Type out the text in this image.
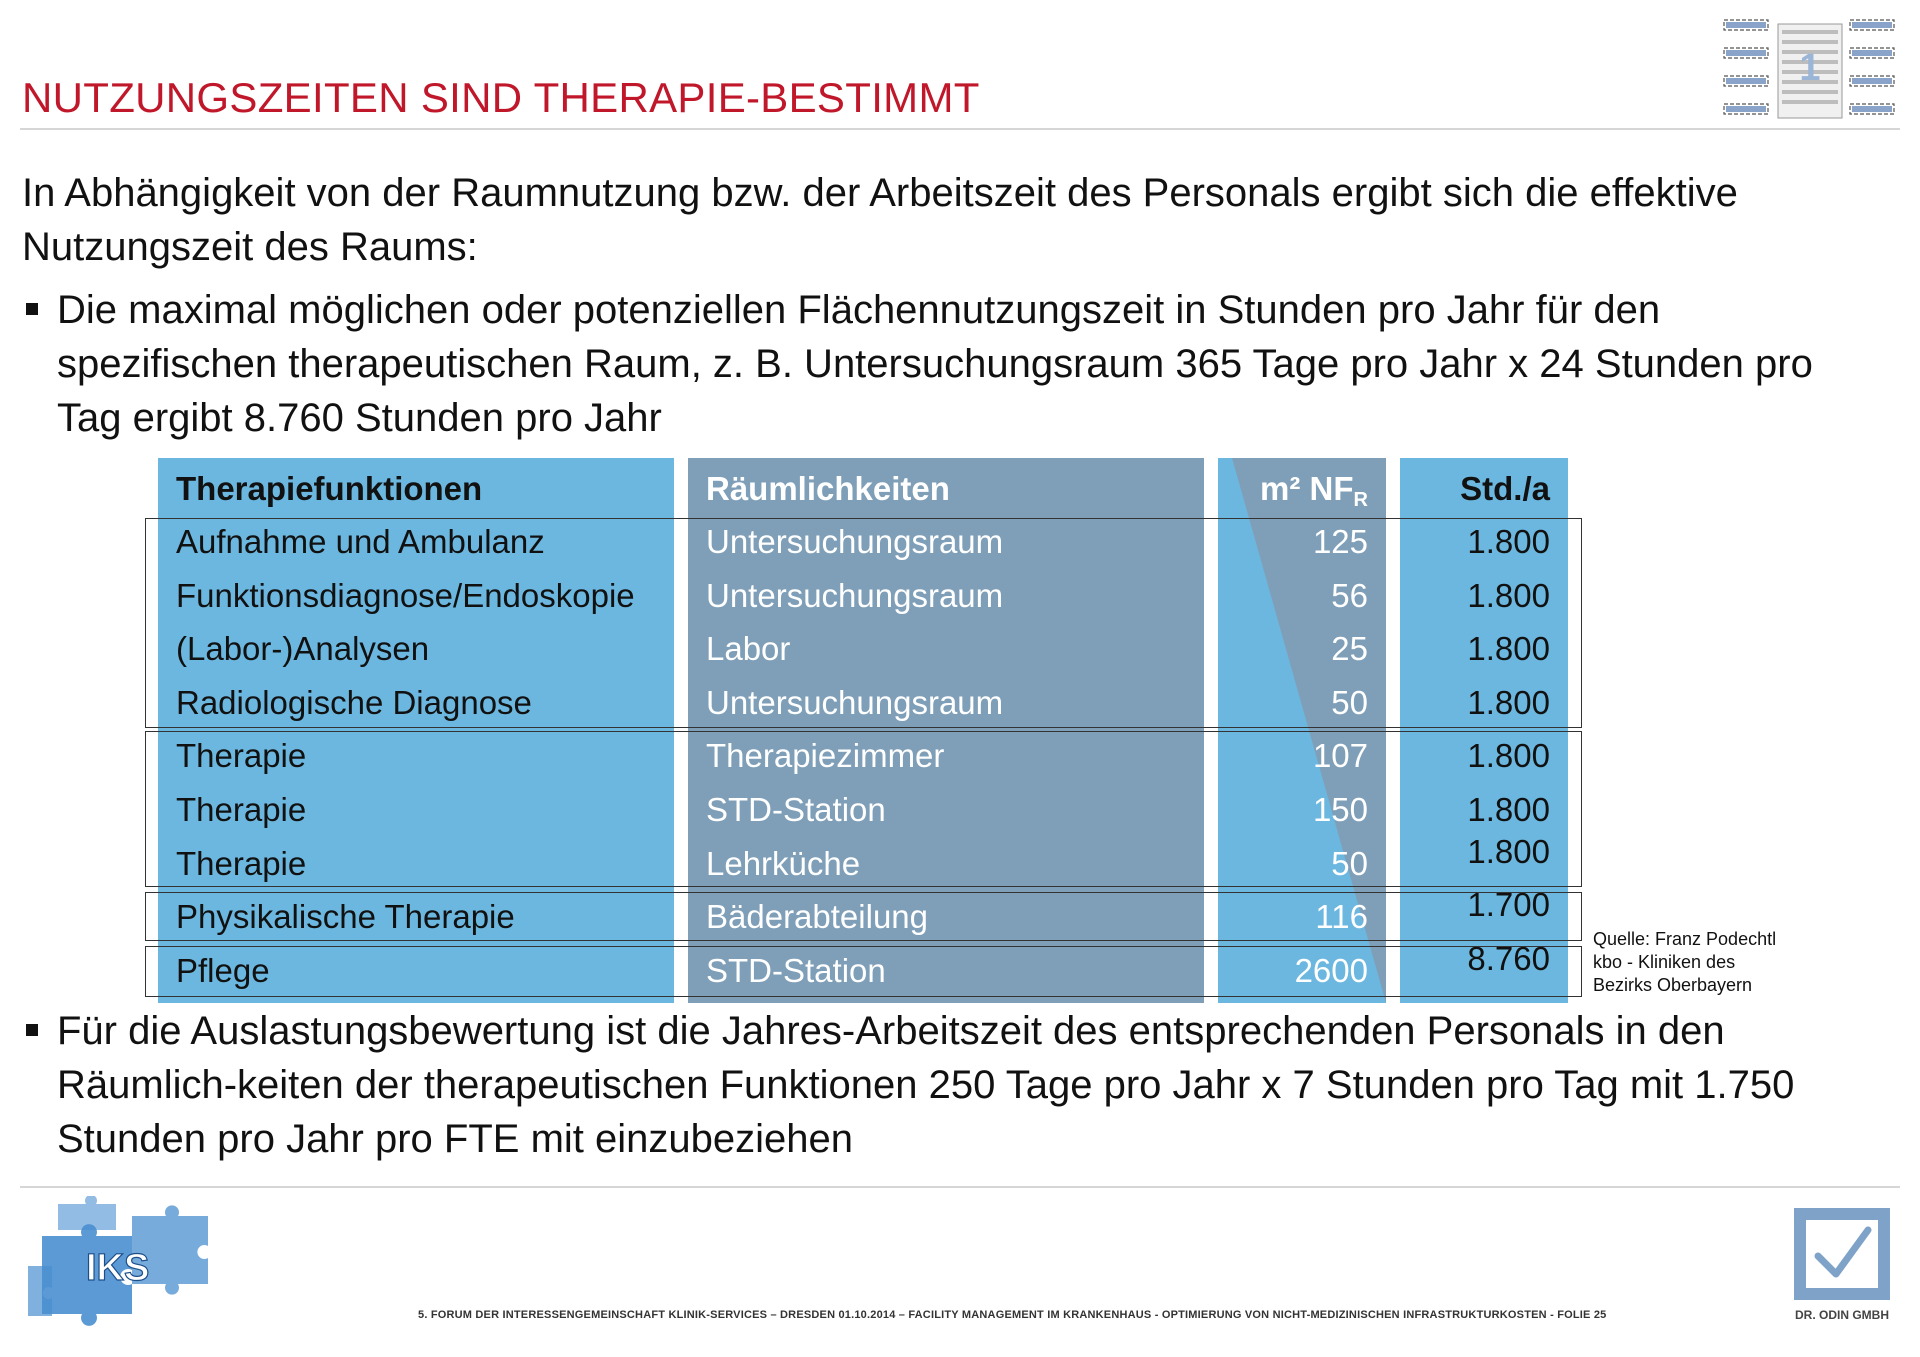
NUTZUNGSZEITEN SIND THERAPIE-BESTIMMT
1
In Abhängigkeit von der Raumnutzung bzw. der Arbeitszeit des Personals ergibt sich die effektive Nutzungszeit des Raums:
Die maximal möglichen oder potenziellen Flächennutzungszeit in Stunden pro Jahr für den spezifischen therapeutischen Raum, z. B. Untersuchungsraum 365 Tage pro Jahr x 24 Stunden pro Tag ergibt 8.760 Stunden pro Jahr
Therapiefunktionen	Räumlichkeiten	m² $NF_R$	Std./a
Aufnahme und Ambulanz	Untersuchungsraum	125	1.800
Funktionsdiagnose/Endoskopie Untersuchungsraum	56	1.800
(Labor-)Analysen	Labor	25	1.800
Radiologische Diagnose	Untersuchungsraum	50	1.800
Therapie	Therapiezimmer	107	1.800
Therapie	STD-Station	150	1.800
Therapie	Lehrküche	50	1.800
Physikalische Therapie	Bäderabteilung	116	1.700
Pflege	STD-Station	2600	8.760
Quelle: Franz Podechtl
kbo - Kliniken des
Bezirks Oberbayern
Für die Auslastungsbewertung ist die Jahres-Arbeitszeit des entsprechenden Personals in den Räumlich-keiten der therapeutischen Funktionen 250 Tage pro Jahr x 7 Stunden pro Tag mit 1.750 Stunden pro Jahr pro FTE mit einzubeziehen
IKS
5. FORUM DER INTERESSENGEMEINSCHAFT KLINIK-SERVICES – DRESDEN 01.10.2014 – FACILITY MANAGEMENT IM KRANKENHAUS - OPTIMIERUNG VON NICHT-MEDIZINISCHEN INFRASTRUKTURKOSTEN - FOLIE 25	DR. ODIN GMBH
